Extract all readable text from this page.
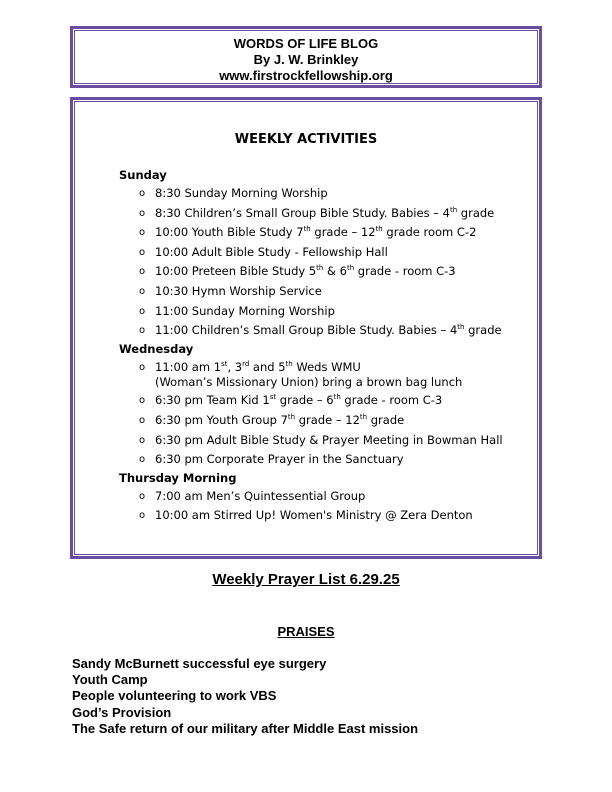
WORDS OF LIFE BLOG
By J. W. Brinkley
www.firstrockfellowship.org
WEEKLY ACTIVITIES
Sunday
o 8:30 Sunday Morning Worship
o 8:30 Children’s Small Group Bible Study. Babies – 4th grade
o 10:00 Youth Bible Study 7th grade – 12th grade room C-2
o 10:00 Adult Bible Study - Fellowship Hall
o 10:00 Preteen Bible Study 5th & 6th grade - room C-3
o 10:30 Hymn Worship Service
o 11:00 Sunday Morning Worship
o 11:00 Children’s Small Group Bible Study. Babies – 4th grade
Wednesday
o 11:00 am 1st, 3rd and 5th Weds WMU
(Woman’s Missionary Union) bring a brown bag lunch
o 6:30 pm Team Kid 1st grade – 6th grade - room C-3
o 6:30 pm Youth Group 7th grade – 12th grade
o 6:30 pm Adult Bible Study & Prayer Meeting in Bowman Hall
o 6:30 pm Corporate Prayer in the Sanctuary
Thursday Morning
o 7:00 am Men’s Quintessential Group
o 10:00 am Stirred Up! Women's Ministry @ Zera Denton
Weekly Prayer List 6.29.25
PRAISES
Sandy McBurnett successful eye surgery
Youth Camp
People volunteering to work VBS
God’s Provision
The Safe return of our military after Middle East mission
